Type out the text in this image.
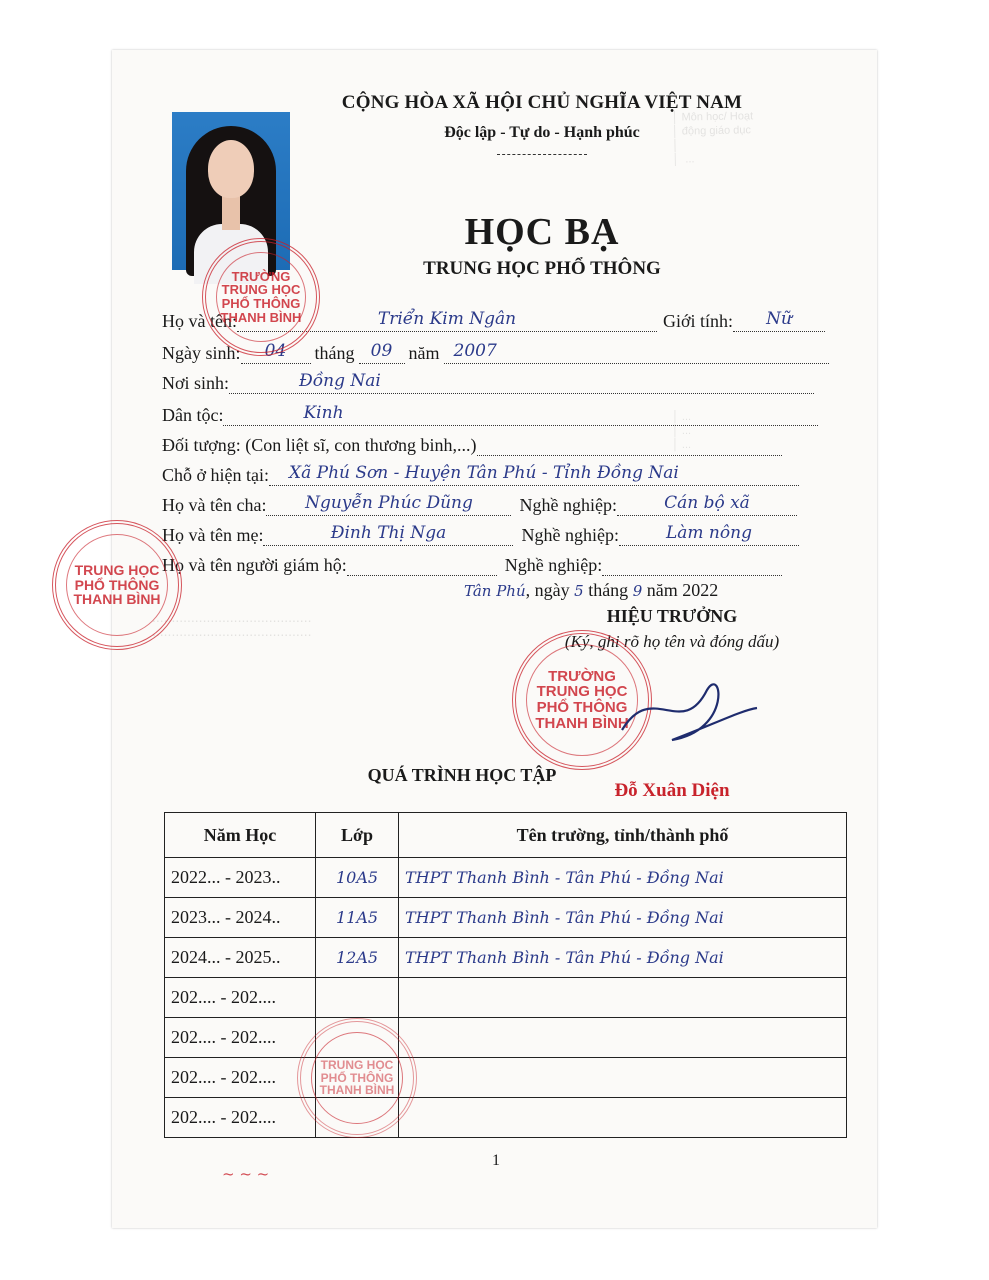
│ Môn học/ Hoạt
│ động giáo dục
│
│  ...
│ ...
│ ...
│ ...
.........................................
.........................................
CỘNG HÒA XÃ HỘI CHỦ NGHĨA VIỆT NAM
Độc lập - Tự do - Hạnh phúc
HỌC BẠ
TRUNG HỌC PHỔ THÔNG
Họ và tên:	Triển Kim Ngân	Giới tính:	Nữ
Ngày sinh:	04	tháng 09 năm 2007
Nơi sinh:	Đồng Nai
Dân tộc:	Kinh
Đối tượng: (Con liệt sĩ, con thương binh,...)
Chỗ ở hiện tại:	Xã Phú Sơn - Huyện Tân Phú - Tỉnh Đồng Nai
Họ và tên cha:	Nguyễn Phúc Dũng	Nghề nghiệp:	Cán bộ xã
Họ và tên mẹ:	Đinh Thị Nga	Nghề nghiệp:	Làm nông
Họ và tên người giám hộ:	Nghề nghiệp:
Tân Phú, ngày 5 tháng 9 năm 2022
HIỆU TRƯỞNG
(Ký, ghi rõ họ tên và đóng dấu)
TRƯỜNG
TRUNG HỌC
PHỔ THÔNG
THANH BÌNH
TRUNG HỌC
PHỔ THÔNG
THANH BÌNH
TRƯỜNG
TRUNG HỌC
PHỔ THÔNG
THANH BÌNH
QUÁ TRÌNH HỌC TẬP
Đỗ Xuân Diện
Năm Học	Lớp	Tên trường, tỉnh/thành phố
2022... - 2023..	10A5	THPT Thanh Bình - Tân Phú - Đồng Nai
2023... - 2024..	11A5	THPT Thanh Bình - Tân Phú - Đồng Nai
2024... - 2025..	12A5	THPT Thanh Bình - Tân Phú - Đồng Nai
202.... - 202....		
202.... - 202....		
202.... - 202....		
202.... - 202....		
TRUNG HỌC
PHỔ THÔNG
THANH BÌNH
1
~ ~ ~
